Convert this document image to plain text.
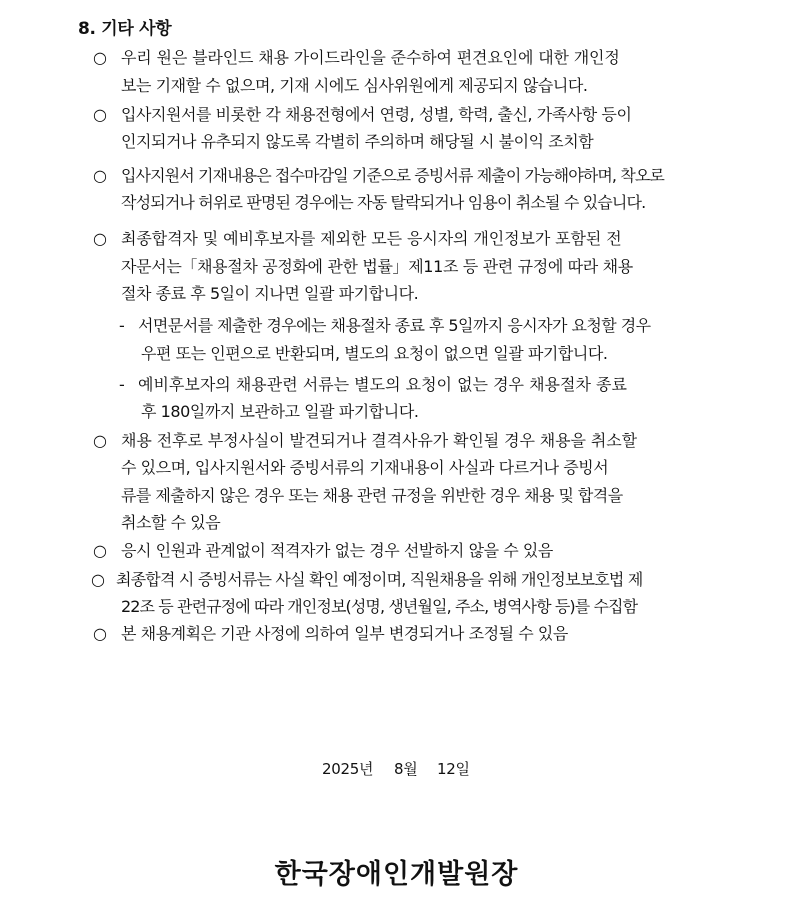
8. 기타 사항
○ 우리 원은 블라인드 채용 가이드라인을 준수하여 편견요인에 대한 개인정
보는 기재할 수 없으며, 기재 시에도 심사위원에게 제공되지 않습니다.
○ 입사지원서를 비롯한 각 채용전형에서 연령, 성별, 학력, 출신, 가족사항 등이
인지되거나 유추되지 않도록 각별히 주의하며 해당될 시 불이익 조치함
○ 입사지원서 기재내용은 접수마감일 기준으로 증빙서류 제출이 가능해야하며, 착오로
작성되거나 허위로 판명된 경우에는 자동 탈락되거나 임용이 취소될 수 있습니다.
○ 최종합격자 및 예비후보자를 제외한 모든 응시자의 개인정보가 포함된 전
자문서는「채용절차 공정화에 관한 법률」제11조 등 관련 규정에 따라 채용
절차 종료 후 5일이 지나면 일괄 파기합니다.
- 서면문서를 제출한 경우에는 채용절차 종료 후 5일까지 응시자가 요청할 경우
우편 또는 인편으로 반환되며, 별도의 요청이 없으면 일괄 파기합니다.
- 예비후보자의 채용관련 서류는 별도의 요청이 없는 경우 채용절차 종료
후 180일까지 보관하고 일괄 파기합니다.
○ 채용 전후로 부정사실이 발견되거나 결격사유가 확인될 경우 채용을 취소할
수 있으며, 입사지원서와 증빙서류의 기재내용이 사실과 다르거나 증빙서
류를 제출하지 않은 경우 또는 채용 관련 규정을 위반한 경우 채용 및 합격을
취소할 수 있음
○ 응시 인원과 관계없이 적격자가 없는 경우 선발하지 않을 수 있음
○ 최종합격 시 증빙서류는 사실 확인 예정이며, 직원채용을 위해 개인정보보호법 제
22조 등 관련규정에 따라 개인정보(성명, 생년월일, 주소, 병역사항 등)를 수집함
○ 본 채용계획은 기관 사정에 의하여 일부 변경되거나 조정될 수 있음
2025년 8월 12일
한국장애인개발원장
